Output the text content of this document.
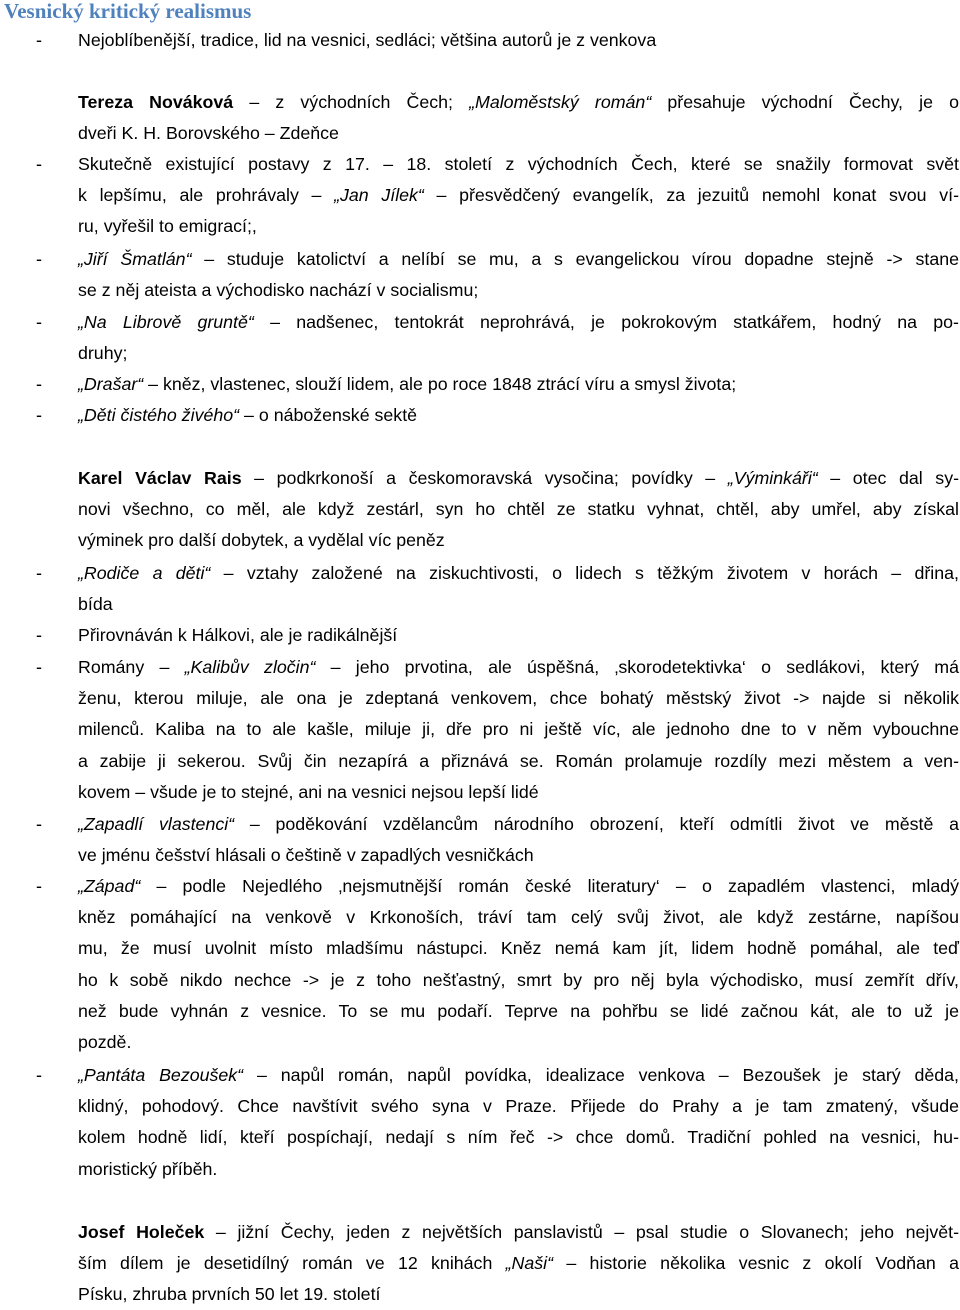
Vesnický kritický realismus
- Nejoblíbenější, tradice, lid na vesnici, sedláci; většina autorů je z venkova
Tereza Nováková – z východních Čech; „Maloměstský román“ přesahuje východní Čechy, je o
dveři K. H. Borovského – Zdeňce
- Skutečně existující postavy z 17. – 18. století z východních Čech, které se snažily formovat svět
k lepšímu, ale prohrávaly – „Jan Jílek“ – přesvědčený evangelík, za jezuitů nemohl konat svou ví-
ru, vyřešil to emigrací;,
- „Jiří Šmatlán“ – studuje katolictví a nelíbí se mu, a s evangelickou vírou dopadne stejně -> stane
se z něj ateista a východisko nachází v socialismu;
- „Na Librově gruntě“ – nadšenec, tentokrát neprohrává, je pokrokovým statkářem, hodný na po-
druhy;
- „Drašar“ – kněz, vlastenec, slouží lidem, ale po roce 1848 ztrácí víru a smysl života;
- „Děti čistého živého“ – o náboženské sektě
Karel Václav Rais – podkrkonoší a českomoravská vysočina; povídky – „Výminkáři“ – otec dal sy-
novi všechno, co měl, ale když zestárl, syn ho chtěl ze statku vyhnat, chtěl, aby umřel, aby získal
výminek pro další dobytek, a vydělal víc peněz
- „Rodiče a děti“ – vztahy založené na ziskuchtivosti, o lidech s těžkým životem v horách – dřina,
bída
- Přirovnáván k Hálkovi, ale je radikálnější
- Romány – „Kalibův zločin“ – jeho prvotina, ale úspěšná, ‚skorodetektivka‘ o sedlákovi, který má
ženu, kterou miluje, ale ona je zdeptaná venkovem, chce bohatý městský život -> najde si několik
milenců. Kaliba na to ale kašle, miluje ji, dře pro ni ještě víc, ale jednoho dne to v něm vybouchne
a zabije ji sekerou. Svůj čin nezapírá a přiznává se. Román prolamuje rozdíly mezi městem a ven-
kovem – všude je to stejné, ani na vesnici nejsou lepší lidé
- „Zapadlí vlastenci“ – poděkování vzdělancům národního obrození, kteří odmítli život ve městě a
ve jménu češství hlásali o češtině v zapadlých vesničkách
- „Západ“ – podle Nejedlého ‚nejsmutnější román české literatury‘ – o zapadlém vlastenci, mladý
kněz pomáhající na venkově v Krkonoších, tráví tam celý svůj život, ale když zestárne, napíšou
mu, že musí uvolnit místo mladšímu nástupci. Kněz nemá kam jít, lidem hodně pomáhal, ale teď
ho k sobě nikdo nechce -> je z toho nešťastný, smrt by pro něj byla východisko, musí zemřít dřív,
než bude vyhnán z vesnice. To se mu podaří. Teprve na pohřbu se lidé začnou kát, ale to už je
pozdě.
- „Pantáta Bezoušek“ – napůl román, napůl povídka, idealizace venkova – Bezoušek je starý děda,
klidný, pohodový. Chce navštívit svého syna v Praze. Přijede do Prahy a je tam zmatený, všude
kolem hodně lidí, kteří pospíchají, nedají s ním řeč -> chce domů. Tradiční pohled na vesnici, hu-
moristický příběh.
Josef Holeček – jižní Čechy, jeden z největších panslavistů – psal studie o Slovanech; jeho největ-
ším dílem je desetidílný román ve 12 knihách „Naši“ – historie několika vesnic z okolí Vodňan a
Písku, zhruba prvních 50 let 19. století
